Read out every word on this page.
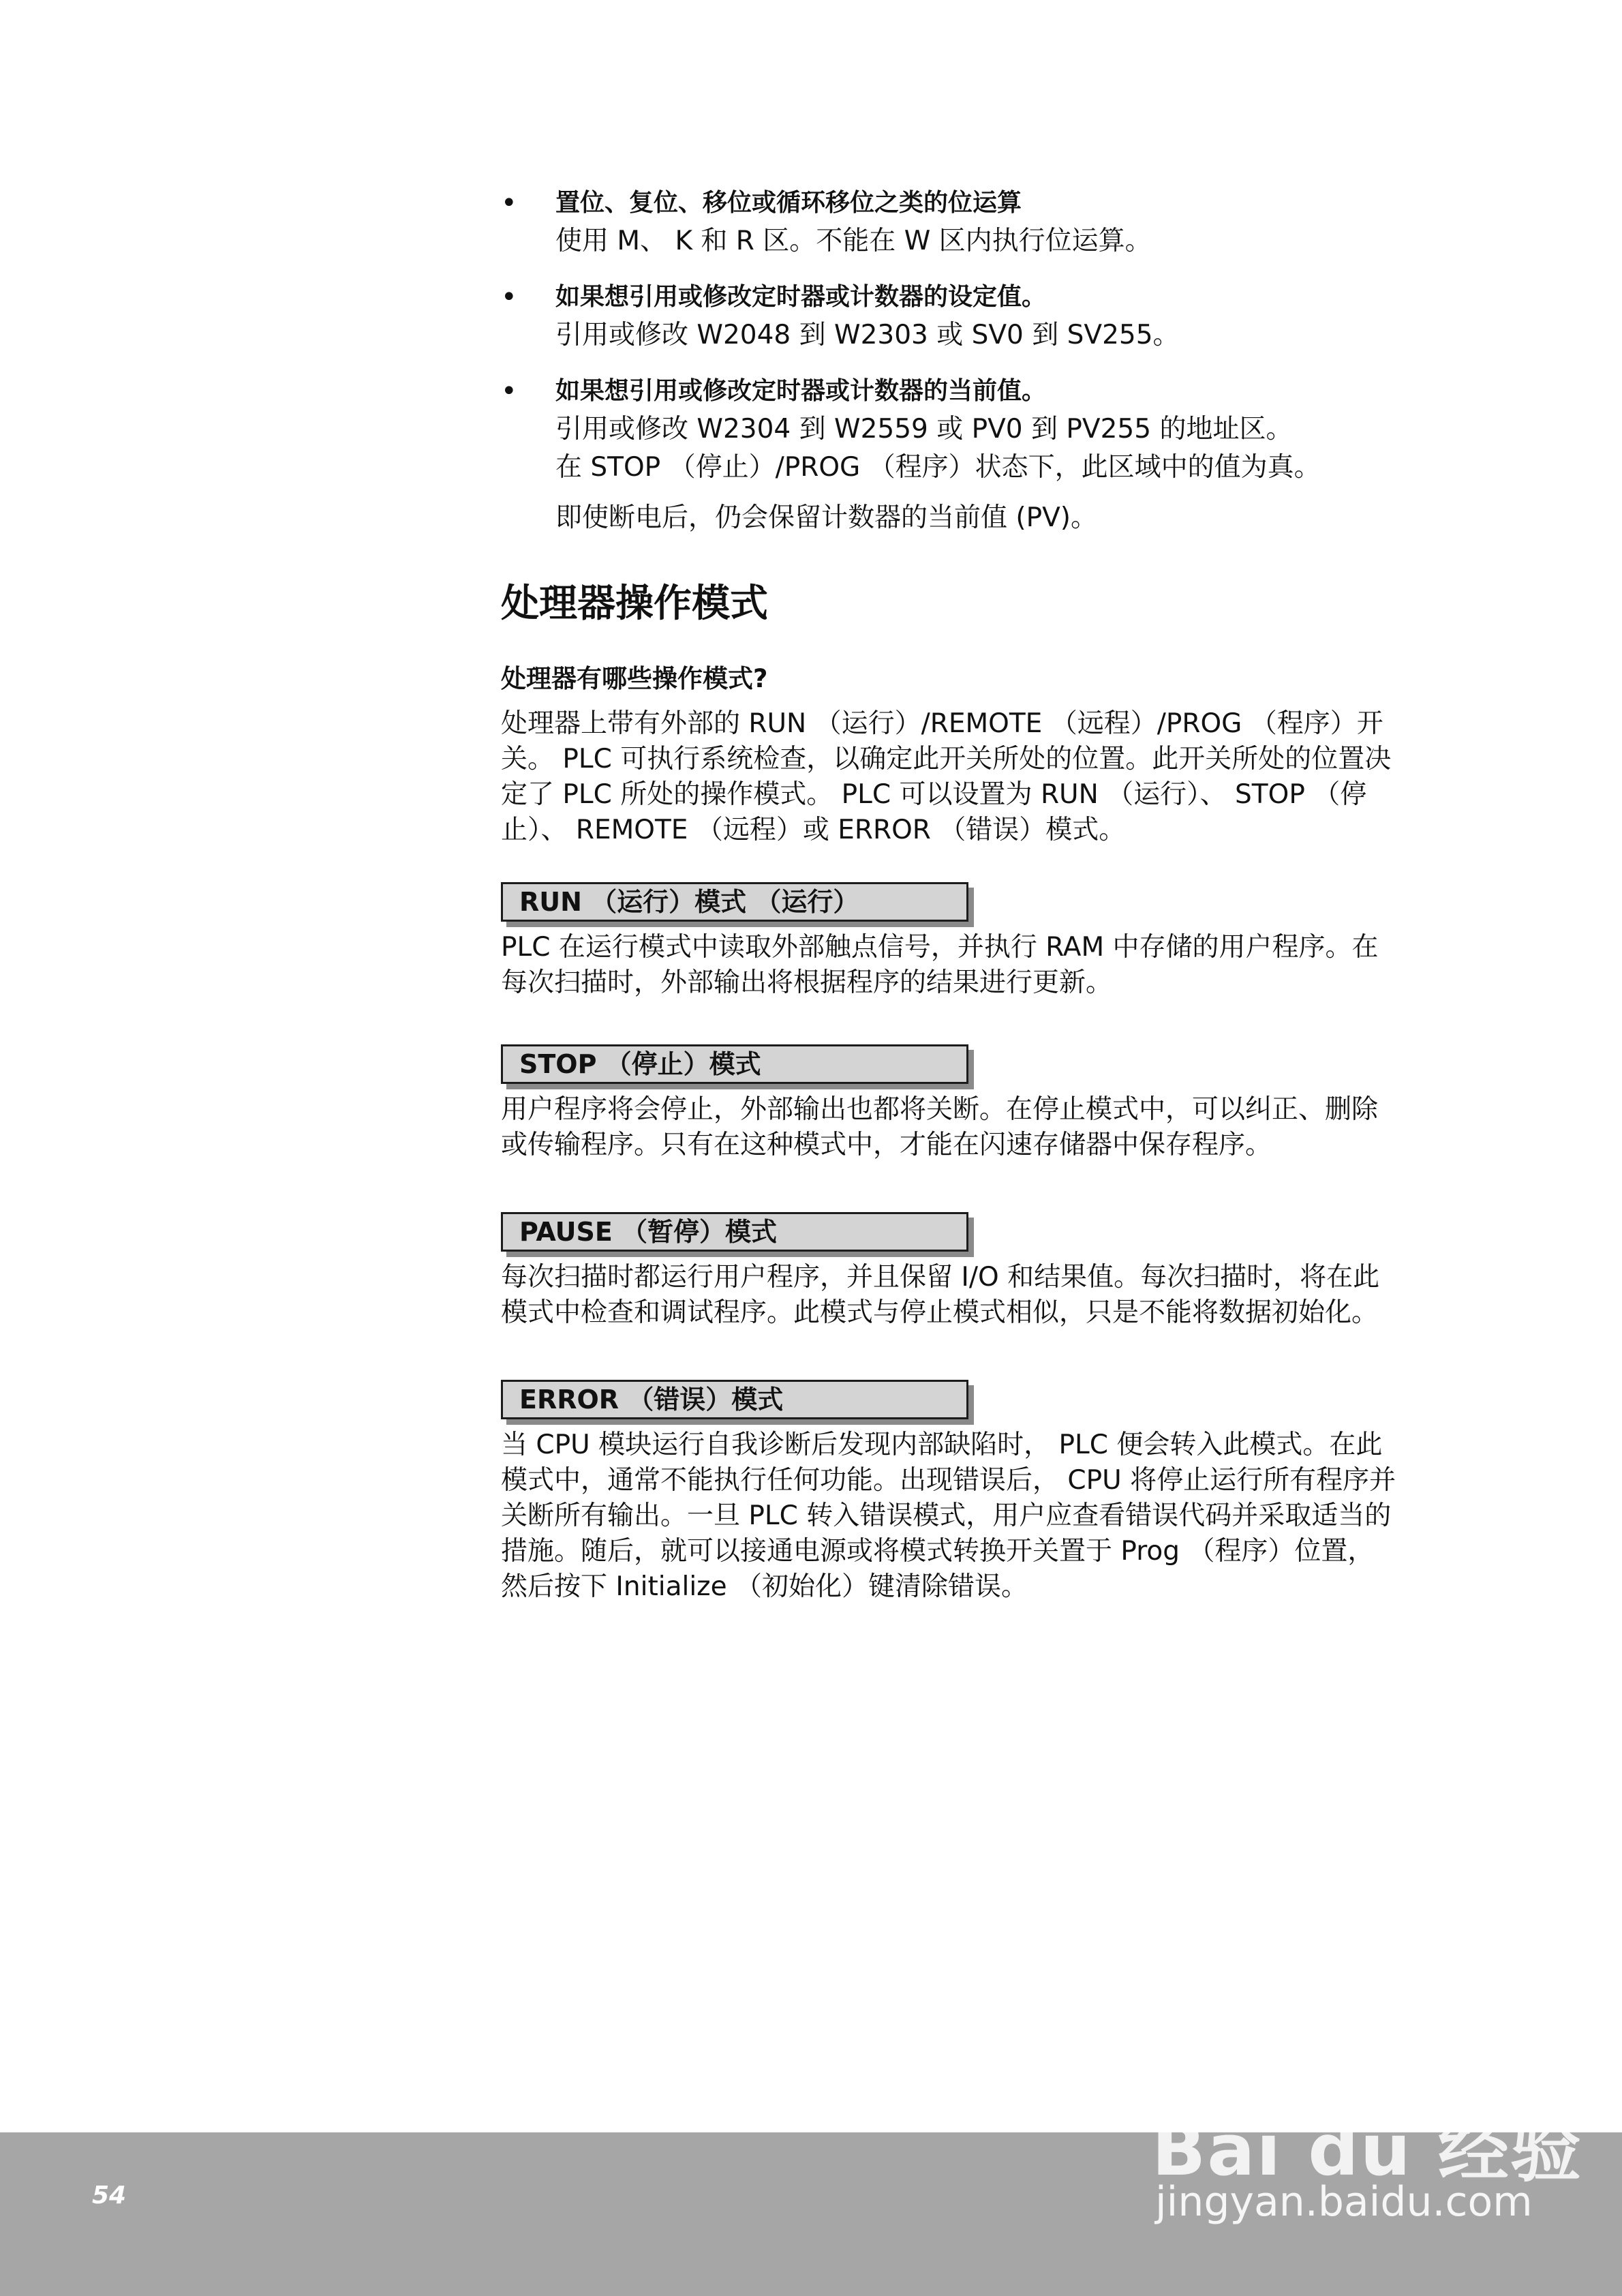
• 置位、复位、移位或循环移位之类的位运算
使用 M、 K 和 R 区。不能在 W 区内执行位运算。
• 如果想引用或修改定时器或计数器的设定值。
引用或修改 W2048 到 W2303 或 SV0 到 SV255。
• 如果想引用或修改定时器或计数器的当前值。
引用或修改 W2304 到 W2559 或 PV0 到 PV255 的地址区。
在 STOP （停止）/PROG （程序）状态下，此区域中的值为真。
即使断电后，仍会保留计数器的当前值 (PV)。
处理器操作模式
处理器有哪些操作模式?
处理器上带有外部的 RUN （运行）/REMOTE （远程）/PROG （程序）开
关。 PLC 可执行系统检查，以确定此开关所处的位置。此开关所处的位置决
定了 PLC 所处的操作模式。 PLC 可以设置为 RUN （运行）、 STOP （停
止）、 REMOTE （远程）或 ERROR （错误）模式。
RUN （运行）模式 （运行）
PLC 在运行模式中读取外部触点信号，并执行 RAM 中存储的用户程序。在
每次扫描时，外部输出将根据程序的结果进行更新。
STOP （停止）模式
用户程序将会停止，外部输出也都将关断。在停止模式中，可以纠正、删除
或传输程序。只有在这种模式中，才能在闪速存储器中保存程序。
PAUSE （暂停）模式
每次扫描时都运行用户程序，并且保留 I/O 和结果值。每次扫描时，将在此
模式中检查和调试程序。此模式与停止模式相似，只是不能将数据初始化。
ERROR （错误）模式
当 CPU 模块运行自我诊断后发现内部缺陷时， PLC 便会转入此模式。在此
模式中，通常不能执行任何功能。出现错误后， CPU 将停止运行所有程序并
关断所有输出。一旦 PLC 转入错误模式，用户应查看错误代码并采取适当的
措施。随后，就可以接通电源或将模式转换开关置于 Prog （程序）位置，
然后按下 Initialize （初始化）键清除错误。
54
Bai du 经验
jingyan.baidu.com
